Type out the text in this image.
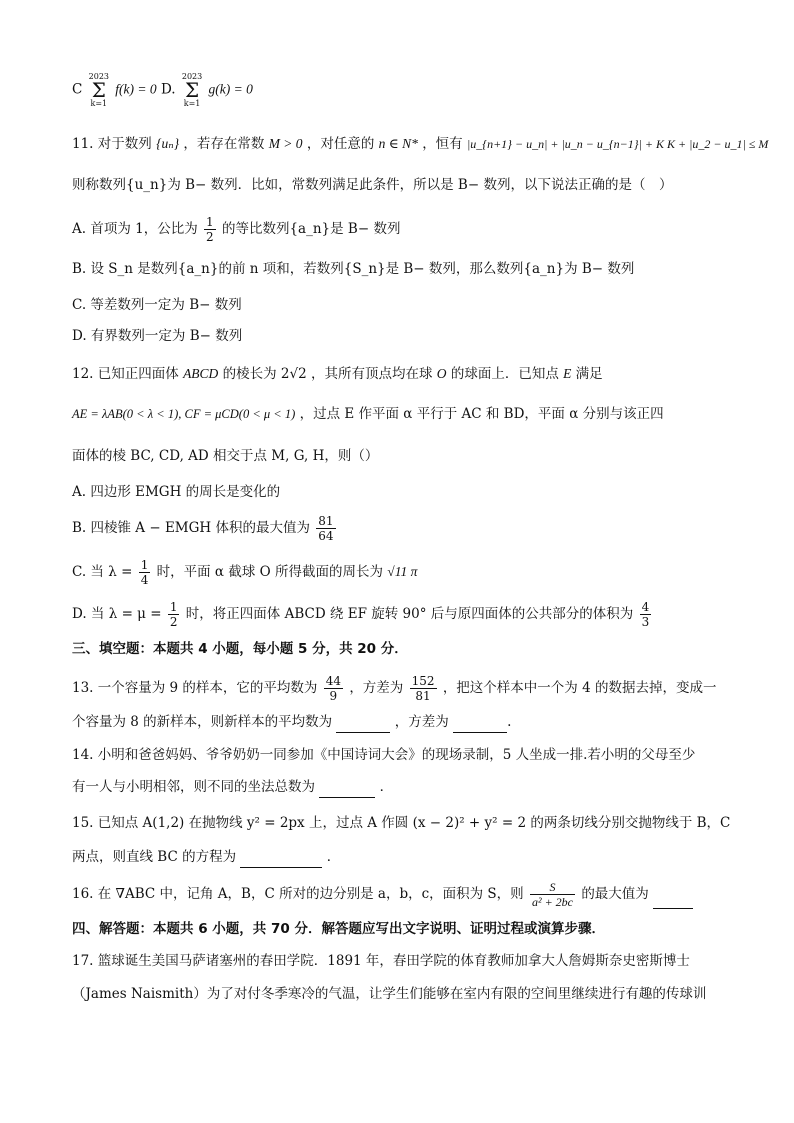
C 2023
Σ
k=1 f(k) = 0 D. 2023
Σ
k=1 g(k) = 0
11. 对于数列 {uₙ} ，若存在常数 M > 0 ，对任意的 n ∈ N* ，恒有 |u_{n+1} − u_n| + |u_n − u_{n−1}| + K K + |u_2 − u_1| ≤ M
则称数列{u_n}为 B− 数列．比如，常数列满足此条件，所以是 B− 数列，以下说法正确的是（　）
A. 首项为 1，公比为 $\frac{1}{2}$ 的等比数列{a_n}是 B− 数列
B. 设 S_n 是数列{a_n}的前 n 项和，若数列{S_n}是 B− 数列，那么数列{a_n}为 B− 数列
C. 等差数列一定为 B− 数列
D. 有界数列一定为 B− 数列
12. 已知正四面体 ABCD 的棱长为 2√2 ，其所有顶点均在球 O 的球面上．已知点 E 满足
AE = λAB(0 < λ < 1), CF = μCD(0 < μ < 1) ，过点 E 作平面 α 平行于 AC 和 BD，平面 α 分别与该正四
面体的棱 BC, CD, AD 相交于点 M, G, H，则（）
A. 四边形 EMGH 的周长是变化的
B. 四棱锥 A − EMGH 体积的最大值为 $\frac{81}{64}$
C. 当 $\lambda = \frac{1}{4}$ 时，平面 α 截球 O 所得截面的周长为 √11 π
D. 当 $\lambda = \mu = \frac{1}{2}$ 时，将正四面体 ABCD 绕 EF 旋转 90° 后与原四面体的公共部分的体积为 $\frac{4}{3}$
三、填空题：本题共 4 小题，每小题 5 分，共 20 分．
13. 一个容量为 9 的样本，它的平均数为 $\frac{44}{9}$ ，方差为 $\frac{152}{81}$ ，把这个样本中一个为 4 的数据去掉，变成一
个容量为 8 的新样本，则新样本的平均数为	，方差为	.
14. 小明和爸爸妈妈、爷爷奶奶一同参加《中国诗词大会》的现场录制，5 人坐成一排.若小明的父母至少
有一人与小明相邻，则不同的坐法总数为	．
15. 已知点 A(1,2) 在抛物线 y² = 2px 上，过点 A 作圆 (x − 2)² + y² = 2 的两条切线分别交抛物线于 B，C
两点，则直线 BC 的方程为	．
16. 在 ∇ABC 中，记角 A，B，C 所对的边分别是 a，b，c，面积为 S，则 $\frac{S}{\text{a² + 2bc}}$ 的最大值为
四、解答题：本题共 6 小题，共 70 分．解答题应写出文字说明、证明过程或演算步骤．
17. 篮球诞生美国马萨诸塞州的春田学院．1891 年，春田学院的体育教师加拿大人詹姆斯奈史密斯博士
（James Naismith）为了对付冬季寒冷的气温，让学生们能够在室内有限的空间里继续进行有趣的传球训
